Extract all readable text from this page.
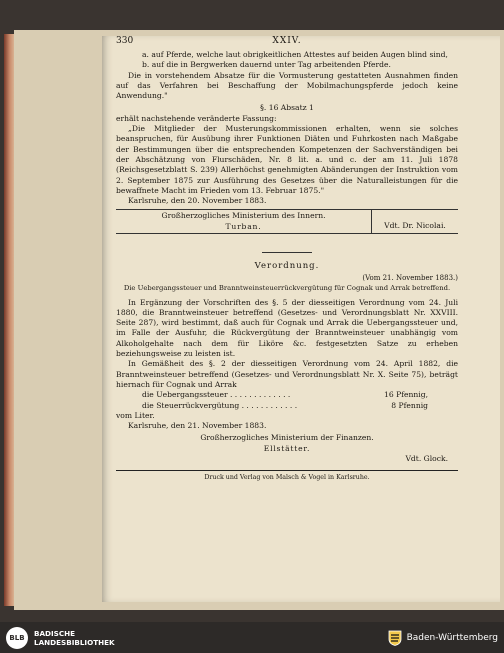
330	XXIV.

a. auf Pferde, welche laut obrigkeitlichen Attestes auf beiden Augen blind sind,

b. auf die in Bergwerken dauernd unter Tag arbeitenden Pferde.

Die in vorstehendem Absatze für die Vormusterung gestatteten Ausnahmen finden auf das Verfahren bei Beschaffung der Mobilmachungspferde jedoch keine Anwendung."

§. 16 Absatz 1

erhält nachstehende veränderte Fassung:

„Die Mitglieder der Musterungskommissionen erhalten, wenn sie solches beanspruchen, für Ausübung ihrer Funktionen Diäten und Fuhrkosten nach Maßgabe der Bestimmungen über die entsprechenden Kompetenzen der Sachverständigen bei der Abschätzung von Flurschäden, Nr. 8 lit. a. und c. der am 11. Juli 1878 (Reichsgesetzblatt S. 239) Allerhöchst genehmigten Abänderungen der Instruktion vom 2. September 1875 zur Ausführung des Gesetzes über die Naturalleistungen für die bewaffnete Macht im Frieden vom 13. Februar 1875."

Karlsruhe, den 20. November 1883.

Großherzogliches Ministerium des Innern.
Turban.	Vdt. Dr. Nicolai.
Verordnung.
(Vom 21. November 1883.)

Die Uebergangssteuer und Branntweinsteuerrückvergütung für Cognak und Arrak betreffend.

In Ergänzung der Vorschriften des §. 5 der diesseitigen Verordnung vom 24. Juli 1880, die Branntweinsteuer betreffend (Gesetzes- und Verordnungsblatt Nr. XXVIII. Seite 287), wird bestimmt, daß auch für Cognak und Arrak die Uebergangssteuer und, im Falle der Ausfuhr, die Rückvergütung der Branntweinsteuer unabhängig vom Alkoholgehalte nach dem für Liköre &c. festgesetzten Satze zu erheben beziehungsweise zu leisten ist.

In Gemäßheit des §. 2 der diesseitigen Verordnung vom 24. April 1882, die Branntweinsteuer betreffend (Gesetzes- und Verordnungsblatt Nr. X. Seite 75), beträgt hiernach für Cognak und Arrak

die Uebergangssteuer . . . . . . . . . . . . .	16 Pfennig,
die Steuerrückvergütung . . . . . . . . . . . .	8 Pfennig

vom Liter.

Karlsruhe, den 21. November 1883.

Großherzogliches Ministerium der Finanzen.
Ellstätter.
Vdt. Glock.
Druck und Verlag von Malsch & Vogel in Karlsruhe.
BLB	BADISCHE
LANDESBIBLIOTHEK	Baden-Württemberg
